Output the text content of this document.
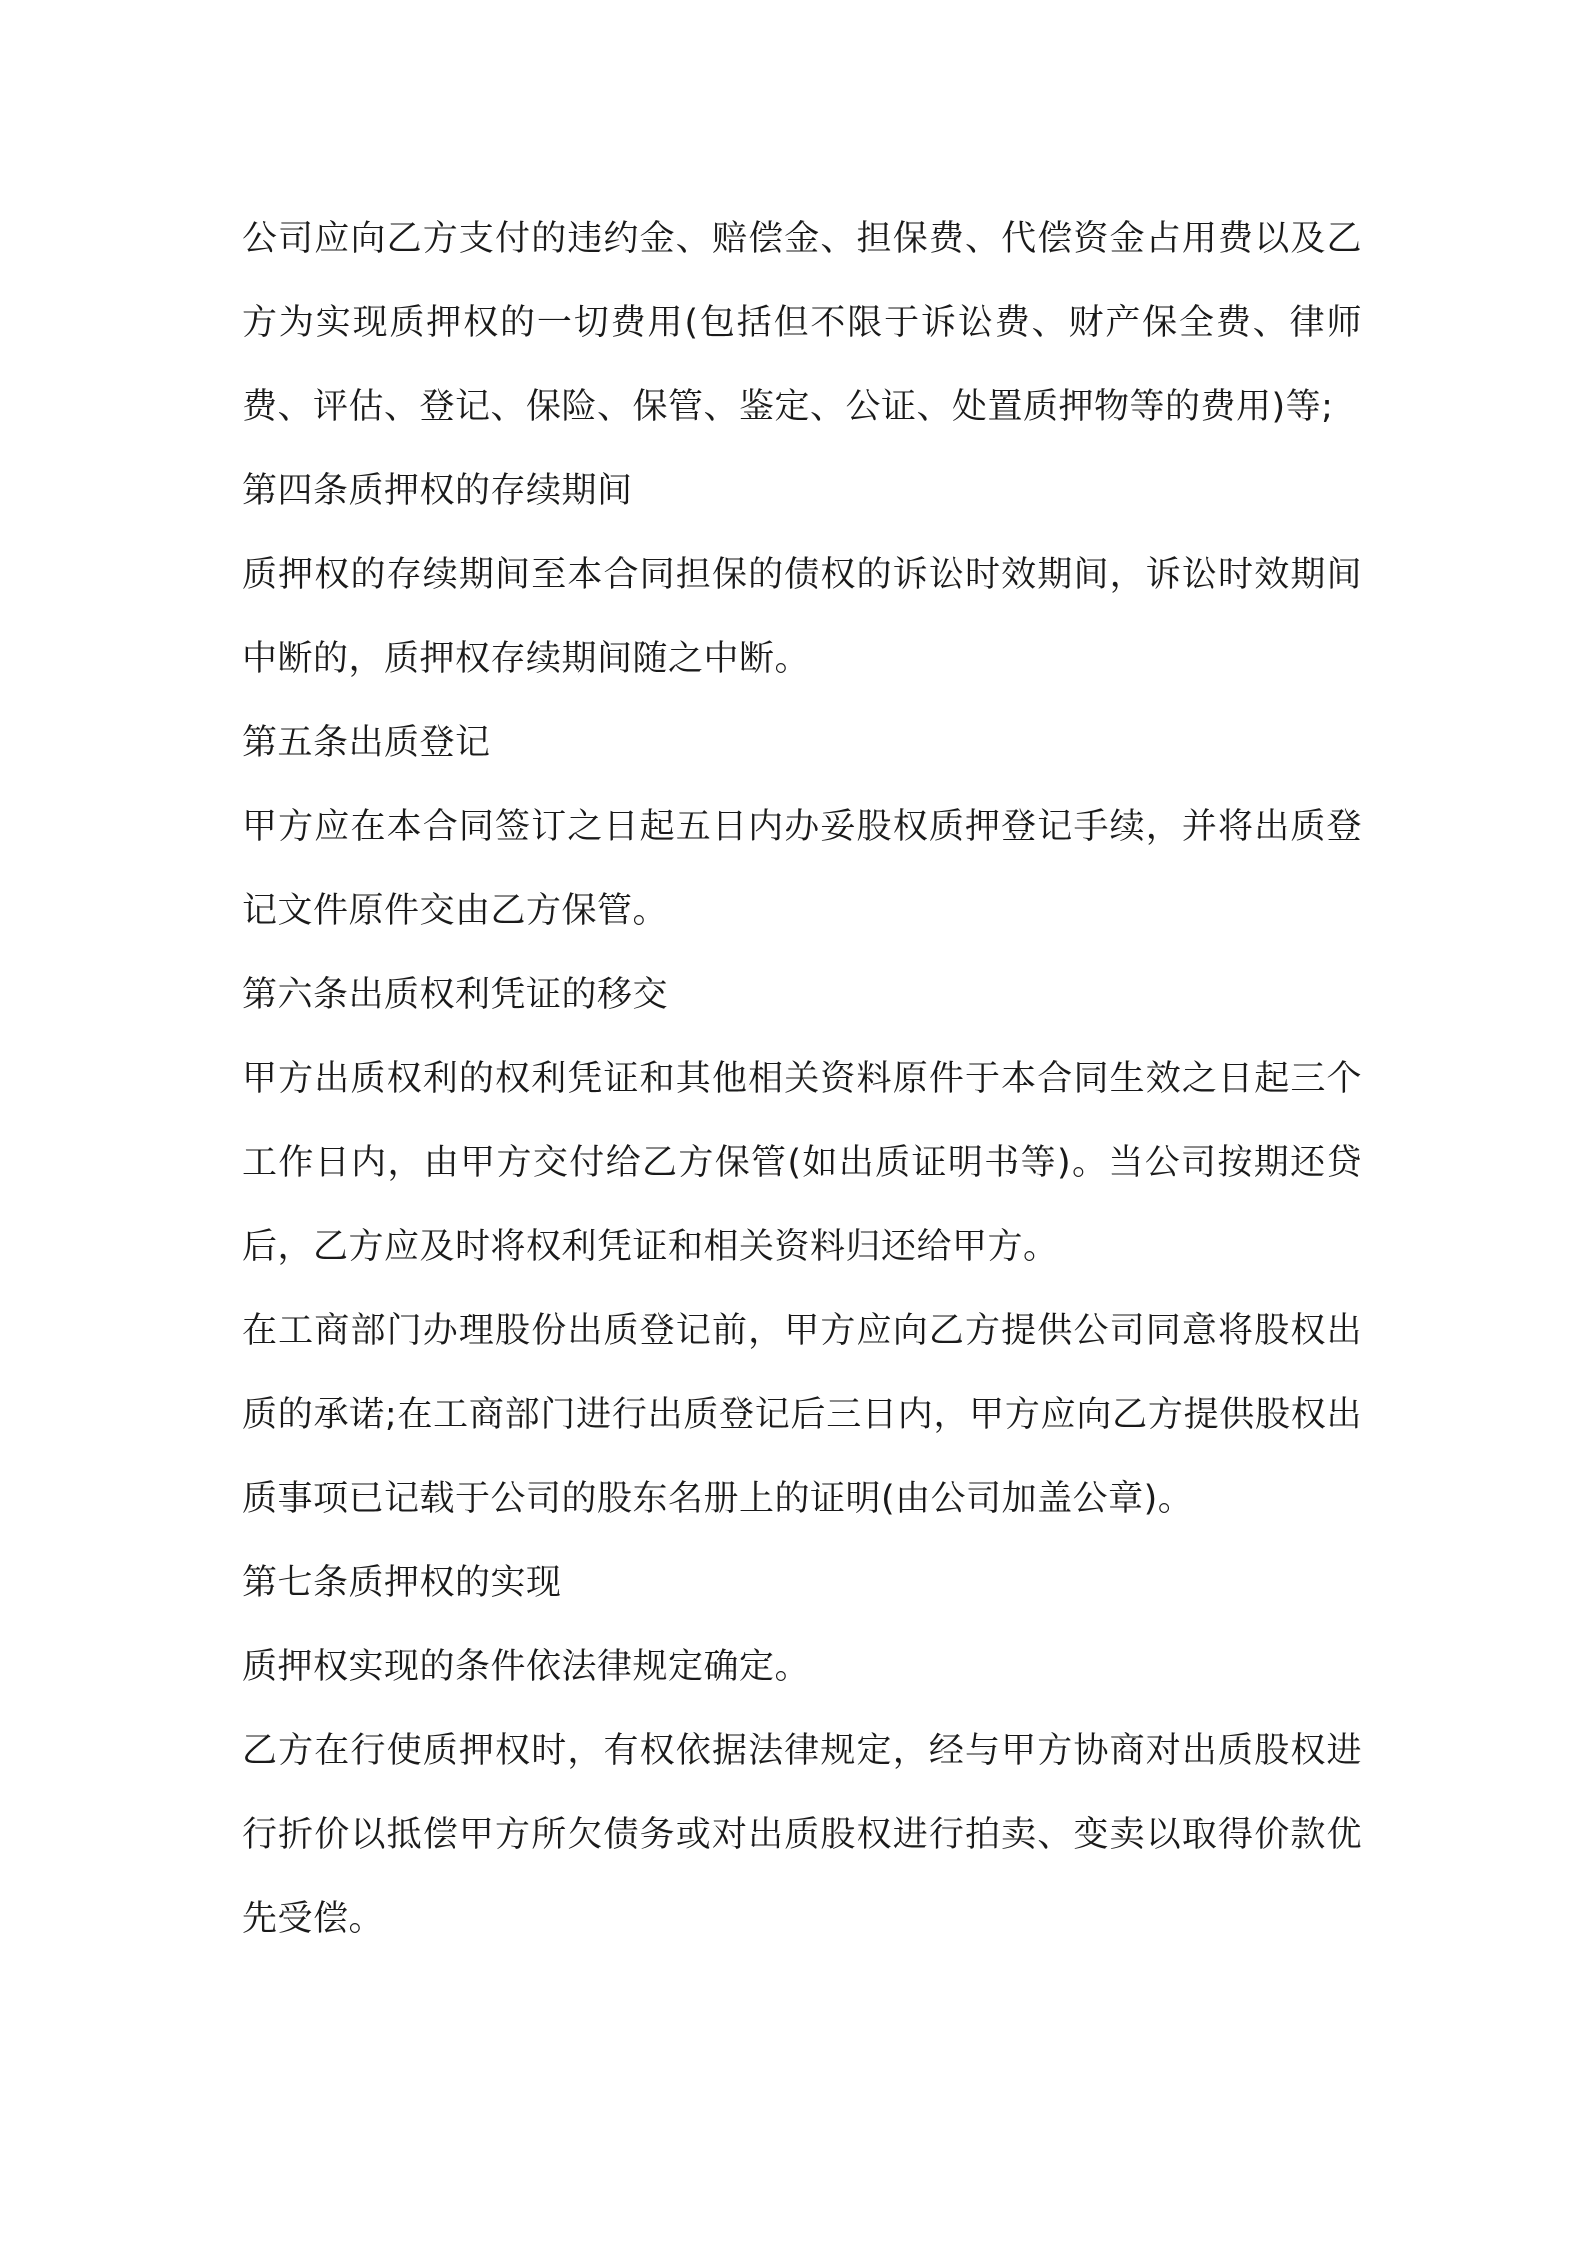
公司应向乙方支付的违约金、赔偿金、担保费、代偿资金占用费以及乙方为实现质押权的一切费用(包括但不限于诉讼费、财产保全费、律师费、评估、登记、保险、保管、鉴定、公证、处置质押物等的费用)等;

第四条质押权的存续期间

质押权的存续期间至本合同担保的债权的诉讼时效期间，诉讼时效期间中断的，质押权存续期间随之中断。

第五条出质登记

甲方应在本合同签订之日起五日内办妥股权质押登记手续，并将出质登记文件原件交由乙方保管。

第六条出质权利凭证的移交

甲方出质权利的权利凭证和其他相关资料原件于本合同生效之日起三个工作日内，由甲方交付给乙方保管(如出质证明书等)。当公司按期还贷后，乙方应及时将权利凭证和相关资料归还给甲方。

在工商部门办理股份出质登记前，甲方应向乙方提供公司同意将股权出质的承诺;在工商部门进行出质登记后三日内，甲方应向乙方提供股权出质事项已记载于公司的股东名册上的证明(由公司加盖公章)。

第七条质押权的实现

质押权实现的条件依法律规定确定。

乙方在行使质押权时，有权依据法律规定，经与甲方协商对出质股权进行折价以抵偿甲方所欠债务或对出质股权进行拍卖、变卖以取得价款优先受偿。
